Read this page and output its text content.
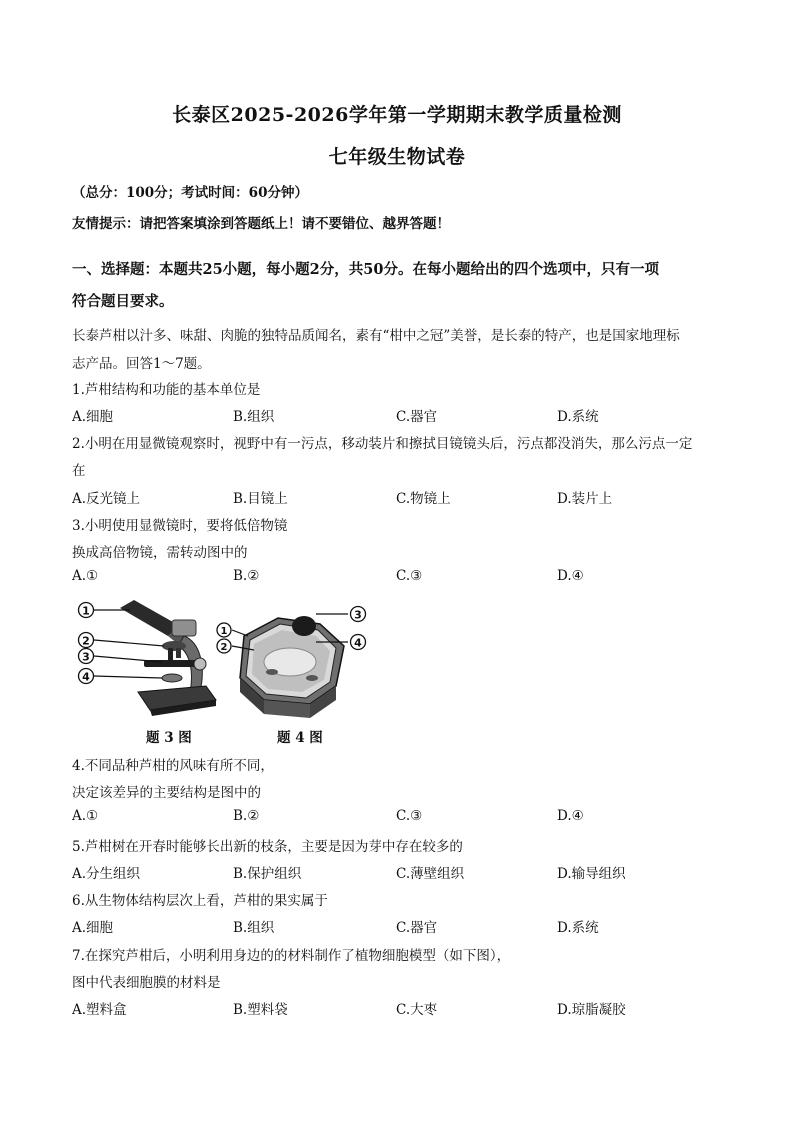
长泰区2025-2026学年第一学期期末教学质量检测
七年级生物试卷
（总分：100分；考试时间：60分钟）
友情提示：请把答案填涂到答题纸上！请不要错位、越界答题！
一、选择题：本题共25小题，每小题2分，共50分。在每小题给出的四个选项中，只有一项
符合题目要求。
长泰芦柑以汁多、味甜、肉脆的独特品质闻名，素有“柑中之冠”美誉，是长泰的特产，也是国家地理标
志产品。回答1～7题。
1.芦柑结构和功能的基本单位是
A.细胞	B.组织	C.器官	D.系统
2.小明在用显微镜观察时，视野中有一污点，移动装片和擦拭目镜镜头后，污点都没消失，那么污点一定
在
A.反光镜上	B.目镜上	C.物镜上	D.装片上
3.小明使用显微镜时，要将低倍物镜
换成高倍物镜，需转动图中的
A.①	B.②	C.③	D.④
1
2
3
4
1
2
3
4
题 3 图	题 4 图
4.不同品种芦柑的风味有所不同，
决定该差异的主要结构是图中的
A.①	B.②	C.③	D.④
5.芦柑树在开春时能够长出新的枝条，主要是因为芽中存在较多的
A.分生组织	B.保护组织	C.薄壁组织	D.输导组织
6.从生物体结构层次上看，芦柑的果实属于
A.细胞	B.组织	C.器官	D.系统
7.在探究芦柑后，小明利用身边的的材料制作了植物细胞模型（如下图），
图中代表细胞膜的材料是
A.塑料盒	B.塑料袋	C.大枣	D.琼脂凝胶
